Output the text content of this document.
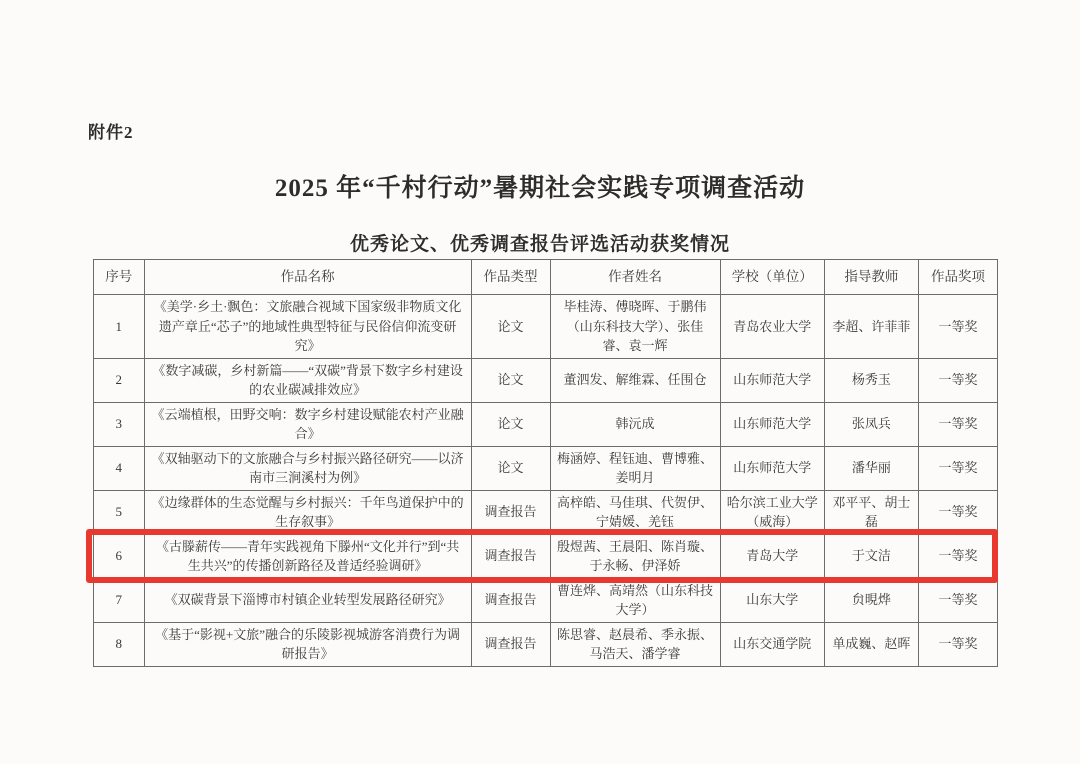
附件2
2025 年“千村行动”暑期社会实践专项调查活动
优秀论文、优秀调查报告评选活动获奖情况
序号	作品名称	作品类型	作者姓名	学校（单位）	指导教师	作品奖项
1	《美学·乡土·飘色：文旅融合视域下国家级非物质文化遗产章丘“芯子”的地域性典型特征与民俗信仰流变研究》	论文	毕桂涛、傅晓晖、于鹏伟（山东科技大学）、张佳睿、袁一辉	青岛农业大学	李超、许菲菲	一等奖
2	《数字减碳，乡村新篇——“双碳”背景下数字乡村建设的农业碳减排效应》	论文	董泗发、解维霖、任围仓	山东师范大学	杨秀玉	一等奖
3	《云端植根，田野交响：数字乡村建设赋能农村产业融合》	论文	韩沅成	山东师范大学	张凤兵	一等奖
4	《双轴驱动下的文旅融合与乡村振兴路径研究——以济南市三涧溪村为例》	论文	梅涵婷、程钰迪、曹博雅、姜明月	山东师范大学	潘华丽	一等奖
5	《边缘群体的生态觉醒与乡村振兴：千年鸟道保护中的生存叙事》	调查报告	高梓皓、马佳琪、代贺伊、宁婧媛、羌钰	哈尔滨工业大学（威海）	邓平平、胡士磊	一等奖
6	《古滕薪传——青年实践视角下滕州“文化并行”到“共生共兴”的传播创新路径及普适经验调研》	调查报告	殷煜茜、王晨阳、陈肖璇、于永畅、伊泽娇	青岛大学	于文洁	一等奖
7	《双碳背景下淄博市村镇企业转型发展路径研究》	调查报告	曹连烨、高靖然（山东科技大学）	山东大学	贠晛烨	一等奖
8	《基于“影视+文旅”融合的乐陵影视城游客消费行为调研报告》	调查报告	陈思睿、赵晨希、季永振、马浩天、潘学睿	山东交通学院	单成巍、赵晖	一等奖
